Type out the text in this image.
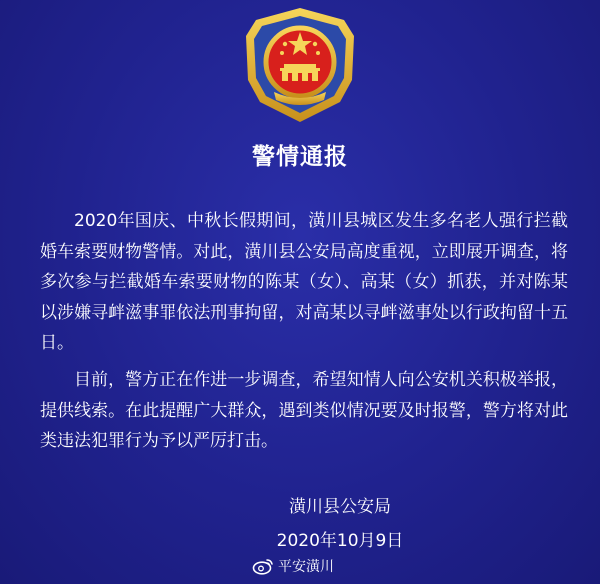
警情通报
2020年国庆、中秋长假期间，潢川县城区发生多名老人强行拦截婚车索要财物警情。对此，潢川县公安局高度重视，立即展开调查，将多次参与拦截婚车索要财物的陈某（女）、高某（女）抓获，并对陈某以涉嫌寻衅滋事罪依法刑事拘留，对高某以寻衅滋事处以行政拘留十五日。
目前，警方正在作进一步调查，希望知情人向公安机关积极举报，提供线索。在此提醒广大群众，遇到类似情况要及时报警，警方将对此类违法犯罪行为予以严厉打击。
潢川县公安局
2020年10月9日
平安潢川
